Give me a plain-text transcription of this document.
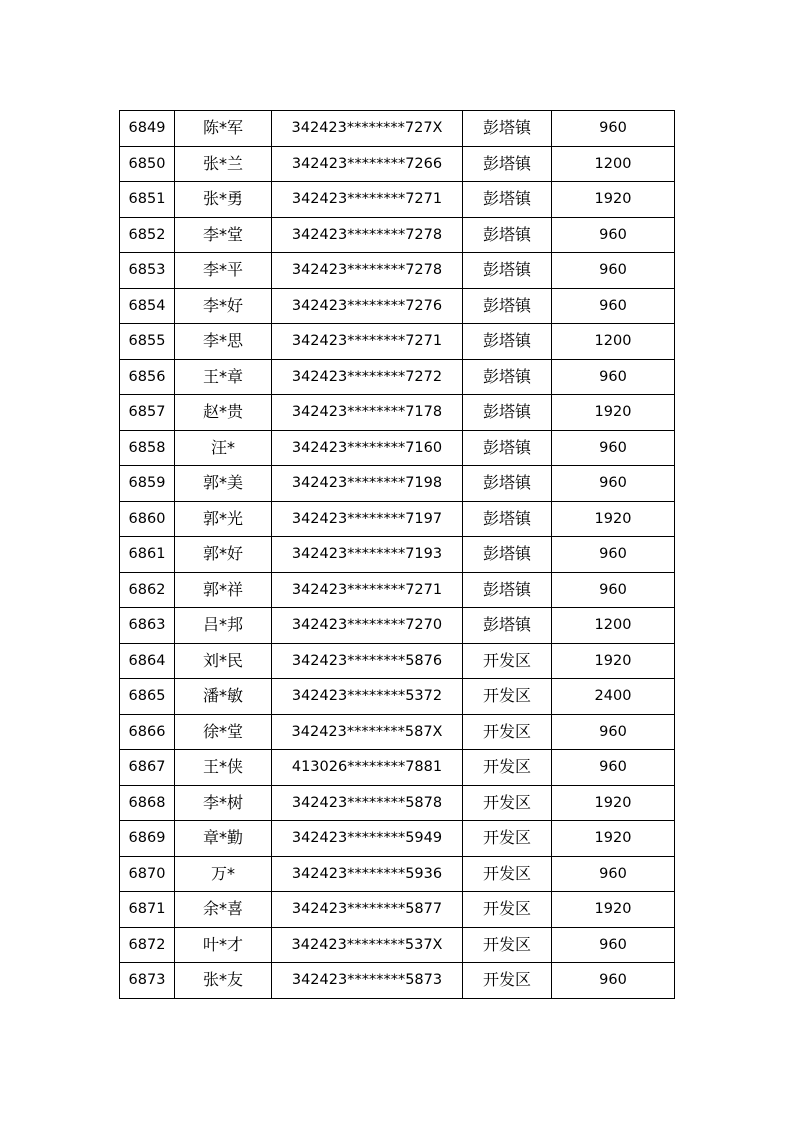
6849	陈*军	342423********727X	彭塔镇	960
6850	张*兰	342423********7266	彭塔镇	1200
6851	张*勇	342423********7271	彭塔镇	1920
6852	李*堂	342423********7278	彭塔镇	960
6853	李*平	342423********7278	彭塔镇	960
6854	李*好	342423********7276	彭塔镇	960
6855	李*思	342423********7271	彭塔镇	1200
6856	王*章	342423********7272	彭塔镇	960
6857	赵*贵	342423********7178	彭塔镇	1920
6858	汪*	342423********7160	彭塔镇	960
6859	郭*美	342423********7198	彭塔镇	960
6860	郭*光	342423********7197	彭塔镇	1920
6861	郭*好	342423********7193	彭塔镇	960
6862	郭*祥	342423********7271	彭塔镇	960
6863	吕*邦	342423********7270	彭塔镇	1200
6864	刘*民	342423********5876	开发区	1920
6865	潘*敏	342423********5372	开发区	2400
6866	徐*堂	342423********587X	开发区	960
6867	王*侠	413026********7881	开发区	960
6868	李*树	342423********5878	开发区	1920
6869	章*勤	342423********5949	开发区	1920
6870	万*	342423********5936	开发区	960
6871	余*喜	342423********5877	开发区	1920
6872	叶*才	342423********537X	开发区	960
6873	张*友	342423********5873	开发区	960
